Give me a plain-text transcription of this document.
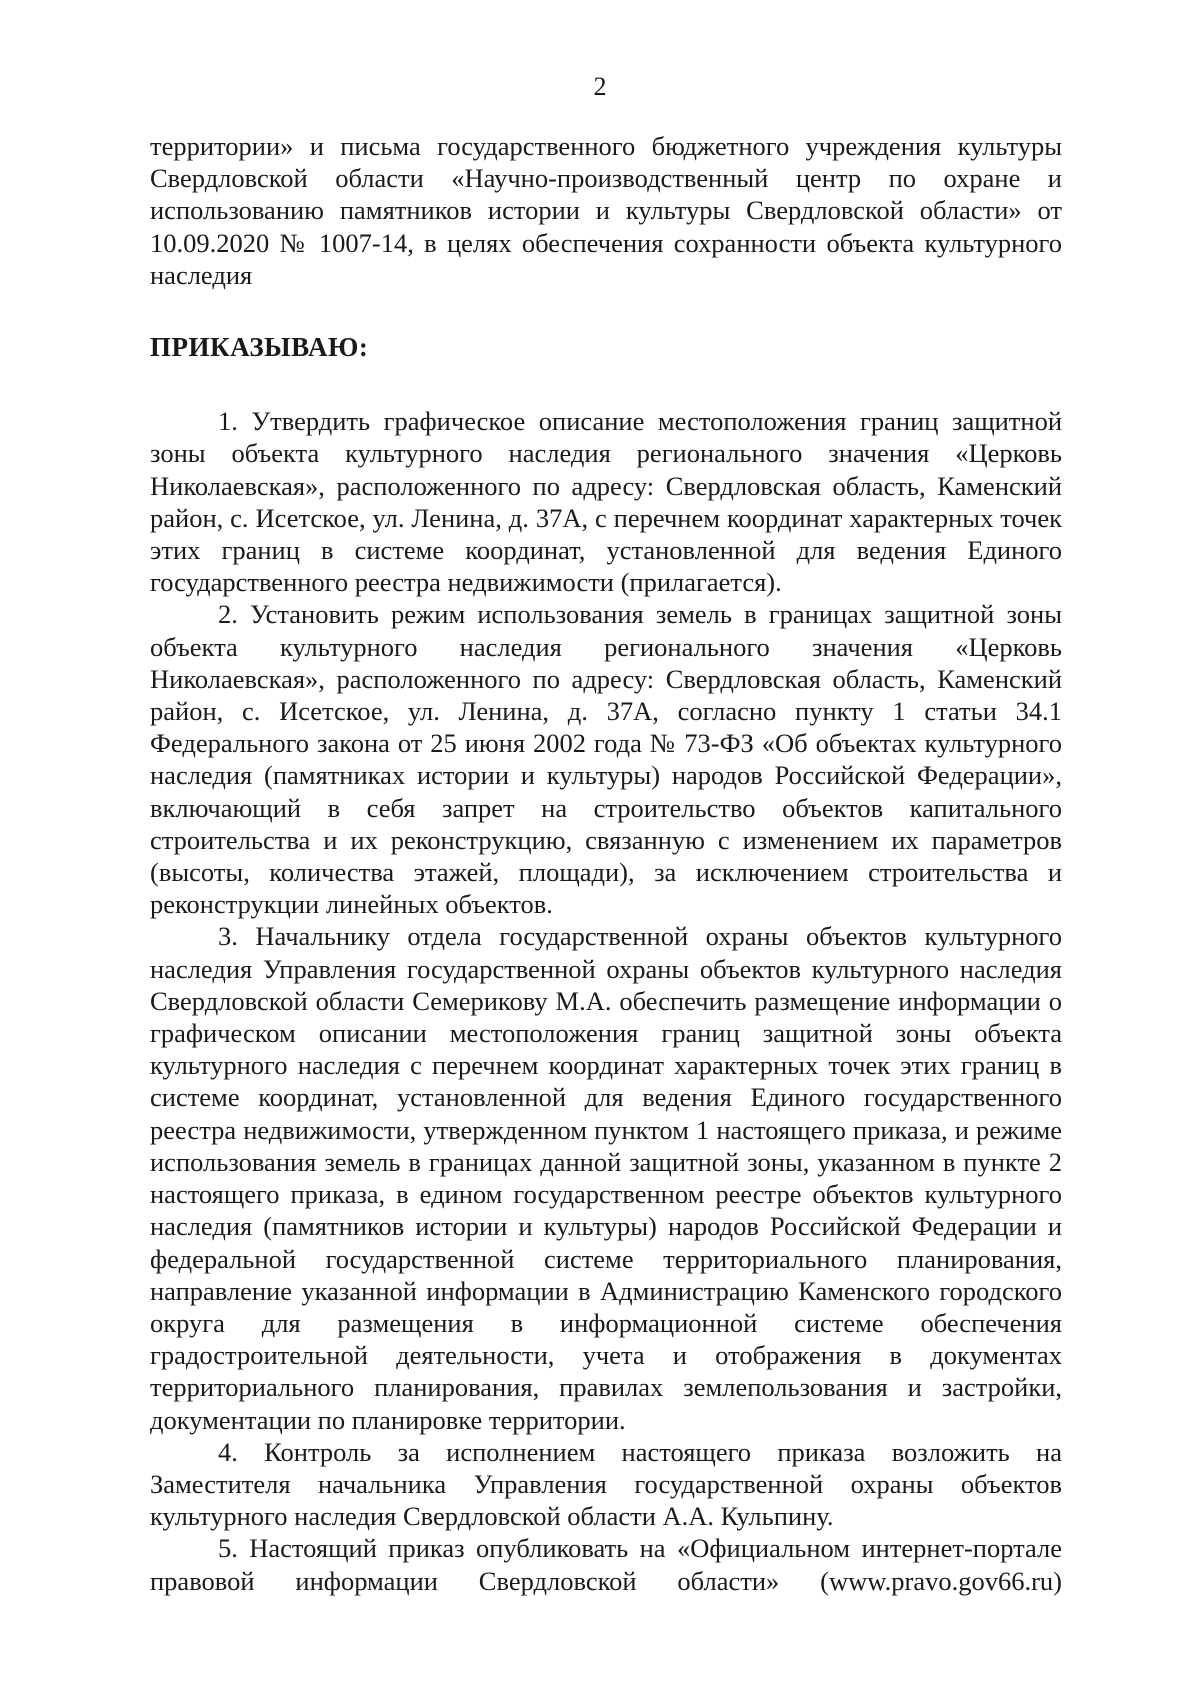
2

территории» и письма государственного бюджетного учреждения культуры Свердловской области «Научно-производственный центр по охране и использованию памятников истории и культуры Свердловской области» от 10.09.2020 № 1007-14, в целях обеспечения сохранности объекта культурного наследия

ПРИКАЗЫВАЮ:

1. Утвердить графическое описание местоположения границ защитной зоны объекта культурного наследия регионального значения «Церковь Николаевская», расположенного по адресу: Свердловская область, Каменский район, с. Исетское, ул. Ленина, д. 37А, с перечнем координат характерных точек этих границ в системе координат, установленной для ведения Единого государственного реестра недвижимости (прилагается).

2. Установить режим использования земель в границах защитной зоны объекта культурного наследия регионального значения «Церковь Николаевская», расположенного по адресу: Свердловская область, Каменский район, с. Исетское, ул. Ленина, д. 37А, согласно пункту 1 статьи 34.1 Федерального закона от 25 июня 2002 года № 73-ФЗ «Об объектах культурного наследия (памятниках истории и культуры) народов Российской Федерации», включающий в себя запрет на строительство объектов капитального строительства и их реконструкцию, связанную с изменением их параметров (высоты, количества этажей, площади), за исключением строительства и реконструкции линейных объектов.

3. Начальнику отдела государственной охраны объектов культурного наследия Управления государственной охраны объектов культурного наследия Свердловской области Семерикову М.А. обеспечить размещение информации о графическом описании местоположения границ защитной зоны объекта культурного наследия с перечнем координат характерных точек этих границ в системе координат, установленной для ведения Единого государственного реестра недвижимости, утвержденном пунктом 1 настоящего приказа, и режиме использования земель в границах данной защитной зоны, указанном в пункте 2 настоящего приказа, в едином государственном реестре объектов культурного наследия (памятников истории и культуры) народов Российской Федерации и федеральной государственной системе территориального планирования, направление указанной информации в Администрацию Каменского городского округа для размещения в информационной системе обеспечения градостроительной деятельности, учета и отображения в документах территориального планирования, правилах землепользования и застройки, документации по планировке территории.

4. Контроль за исполнением настоящего приказа возложить на Заместителя начальника Управления государственной охраны объектов культурного наследия Свердловской области А.А. Кульпину.

5. Настоящий приказ опубликовать на «Официальном интернет-портале правовой информации Свердловской области» (www.pravo.gov66.ru)
